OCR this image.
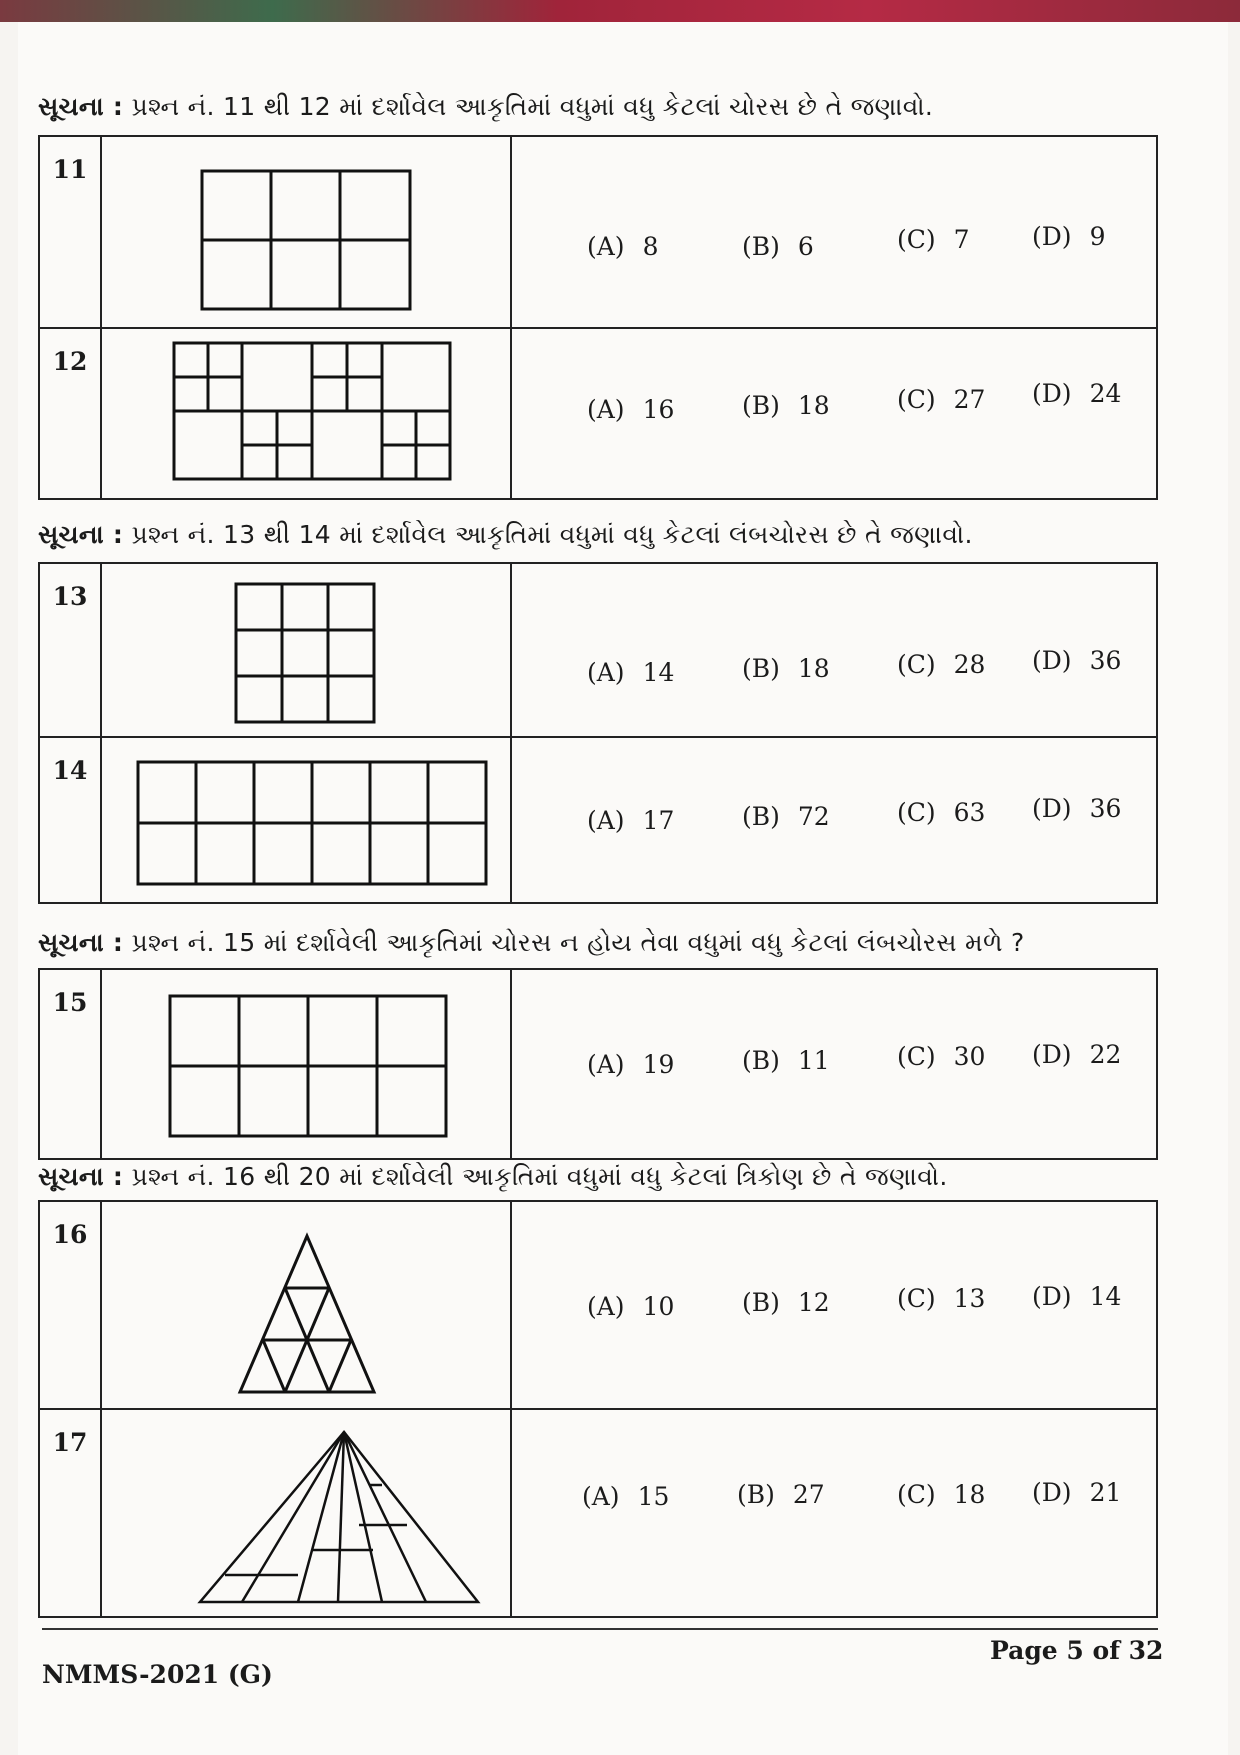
સૂચના : પ્રશ્ન નં. 11 થી 12 માં દર્શાવેલ આકૃતિમાં વધુમાં વધુ કેટલાં ચોરસ છે તે જણાવો.
11
(A) 8	(B) 6	(C) 7 (D) 9
12
(A) 16	(B) 18	(C) 27 (D) 24
સૂચના : પ્રશ્ન નં. 13 થી 14 માં દર્શાવેલ આકૃતિમાં વધુમાં વધુ કેટલાં લંબચોરસ છે તે જણાવો.
13
(A) 14	(B) 18	(C) 28 (D) 36
14
(A) 17	(B) 72	(C) 63 (D) 36
સૂચના : પ્રશ્ન નં. 15 માં દર્શાવેલી આકૃતિમાં ચોરસ ન હોય તેવા વધુમાં વધુ કેટલાં લંબચોરસ મળે ?
15
(A) 19	(B) 11	(C) 30 (D) 22
સૂચના : પ્રશ્ન નં. 16 થી 20 માં દર્શાવેલી આકૃતિમાં વધુમાં વધુ કેટલાં ત્રિકોણ છે તે જણાવો.
16
(A) 10	(B) 12	(C) 13 (D) 14
17
(A) 15	(B) 27	(C) 18 (D) 21
Page 5 of 32
NMMS-2021 (G)
